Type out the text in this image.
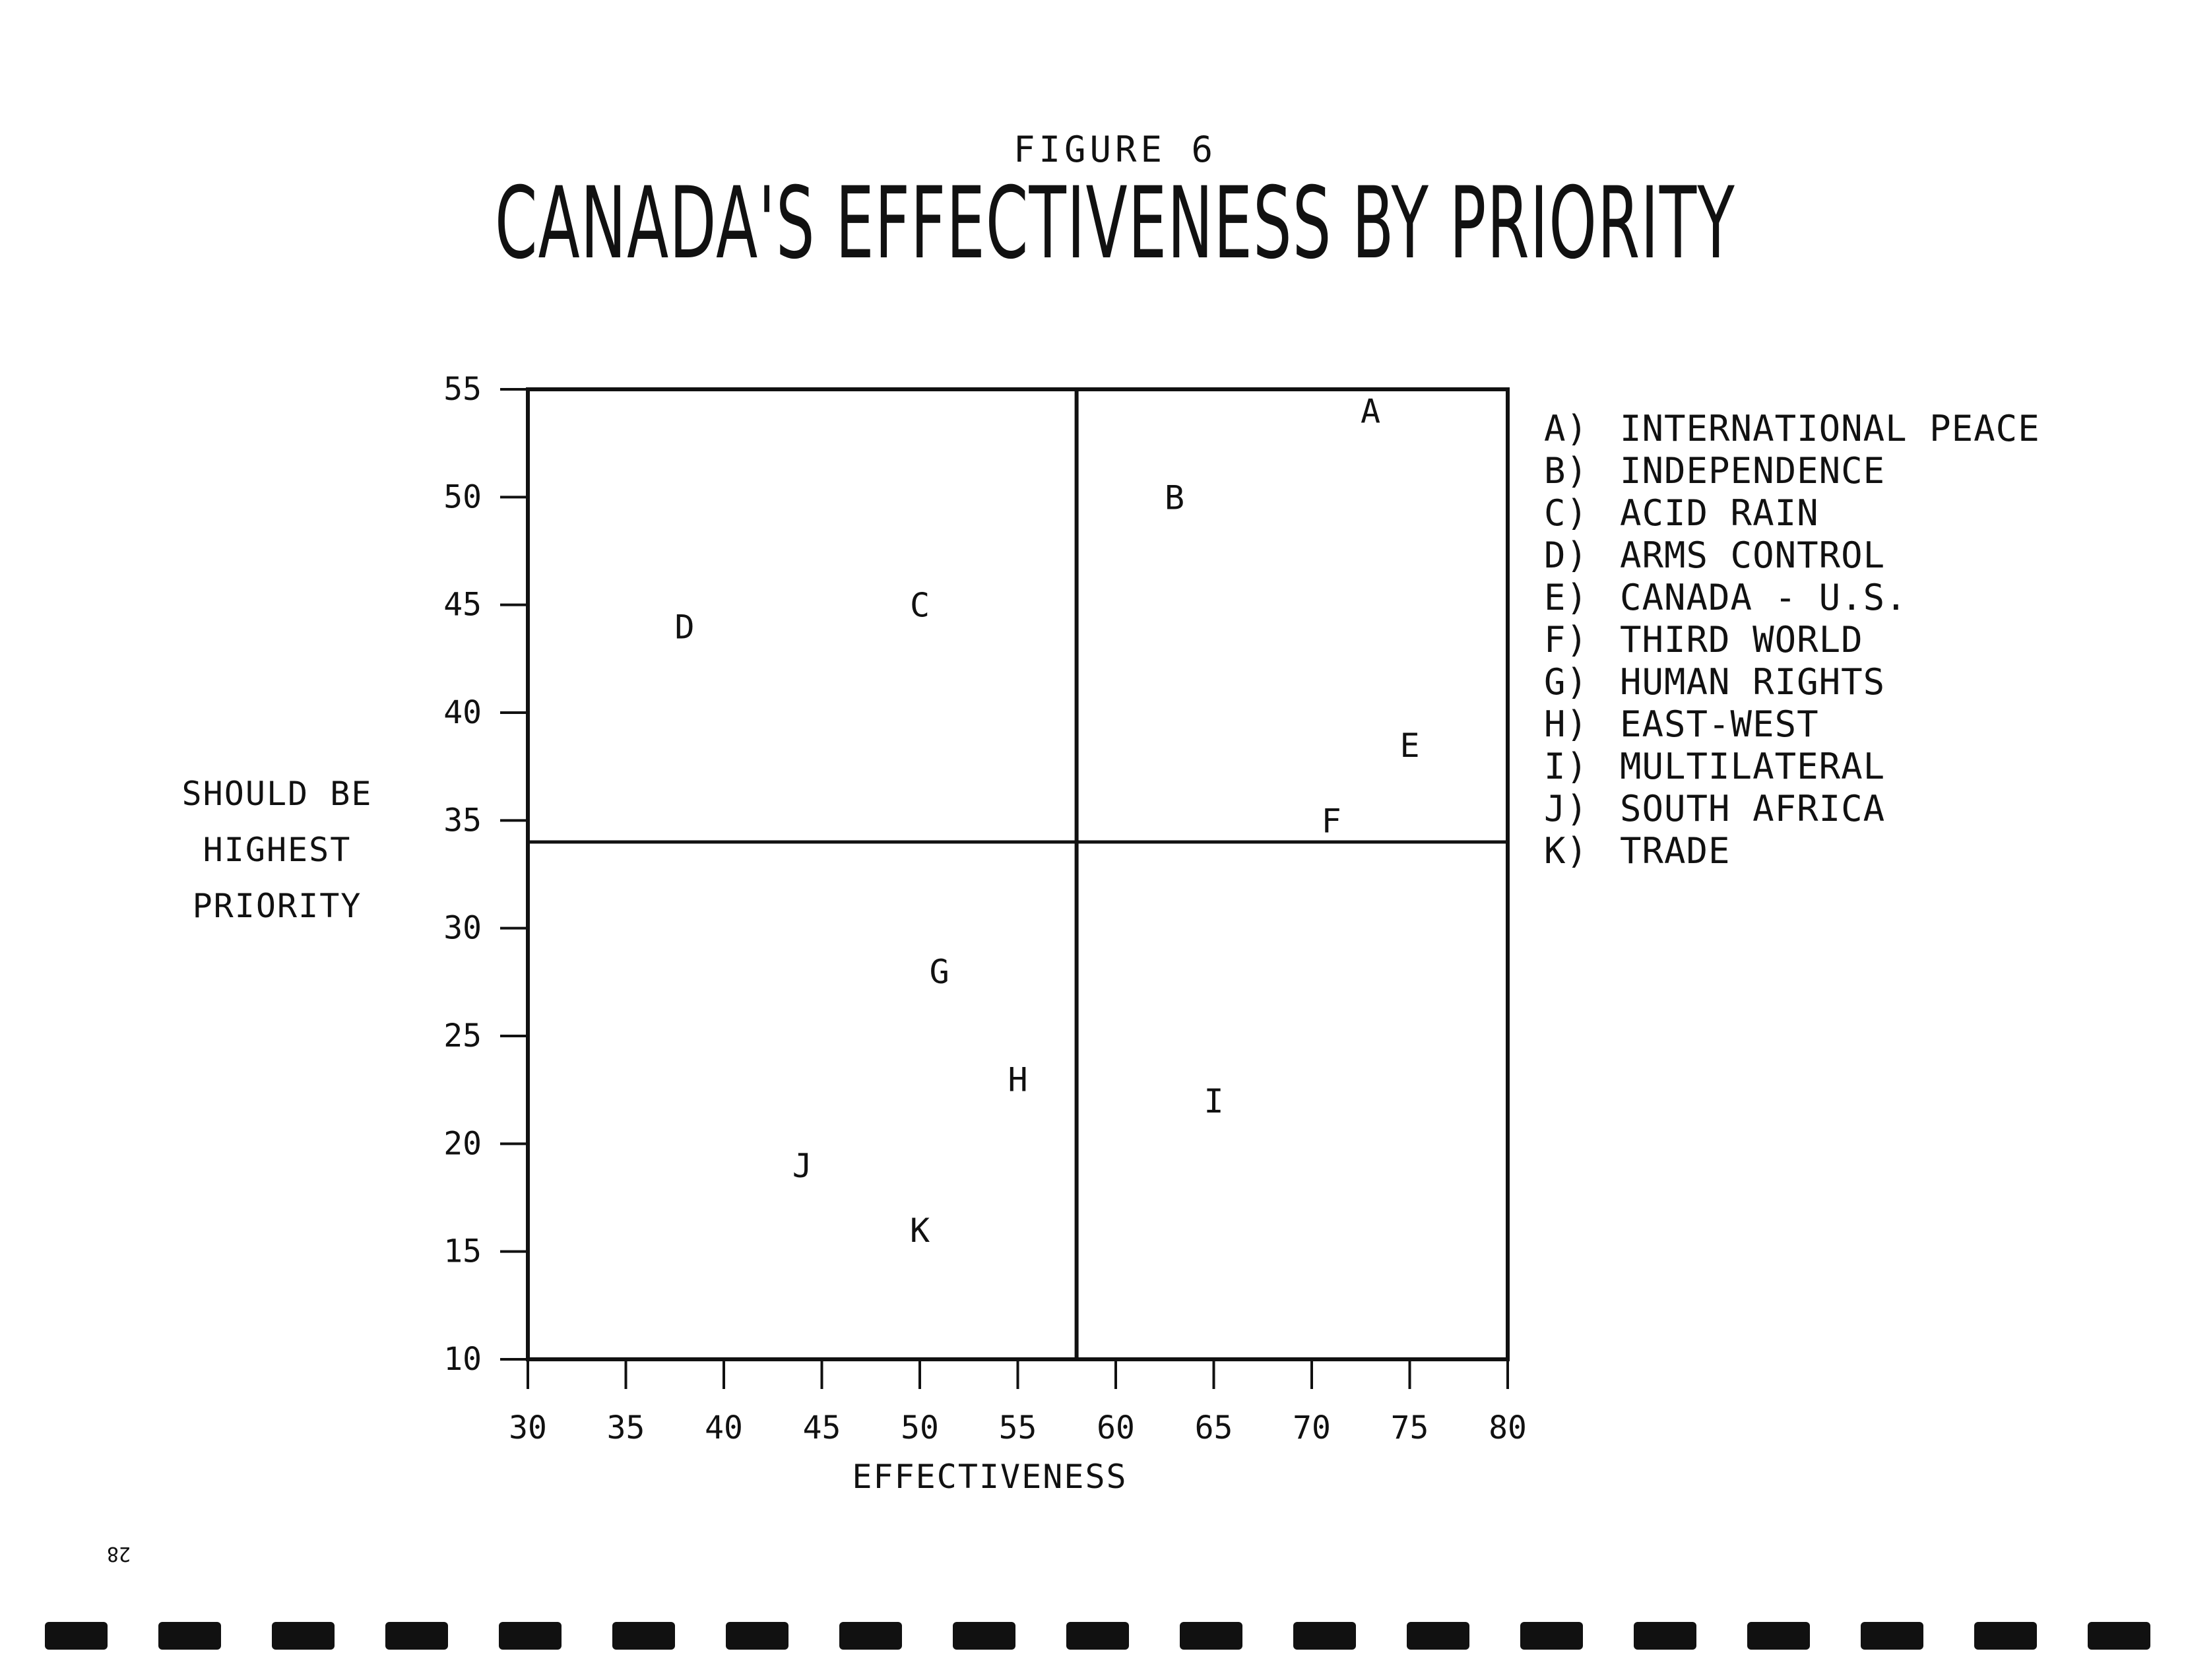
FIGURE 6
CANADA'S EFFECTIVENESS BY PRIORITY
10
15
20
25
30
35
40
45
50
55
30 35 40 45 50 55 60 65 70 75 80
A
B
C
D
E
F
G
H
I
J
K
SHOULD BE
HIGHEST
PRIORITY
EFFECTIVENESS
A) INTERNATIONAL PEACE
B) INDEPENDENCE
C) ACID RAIN
D) ARMS CONTROL
E) CANADA - U.S.
F) THIRD WORLD
G) HUMAN RIGHTS
H) EAST-WEST
I) MULTILATERAL
J) SOUTH AFRICA
K) TRADE
28
